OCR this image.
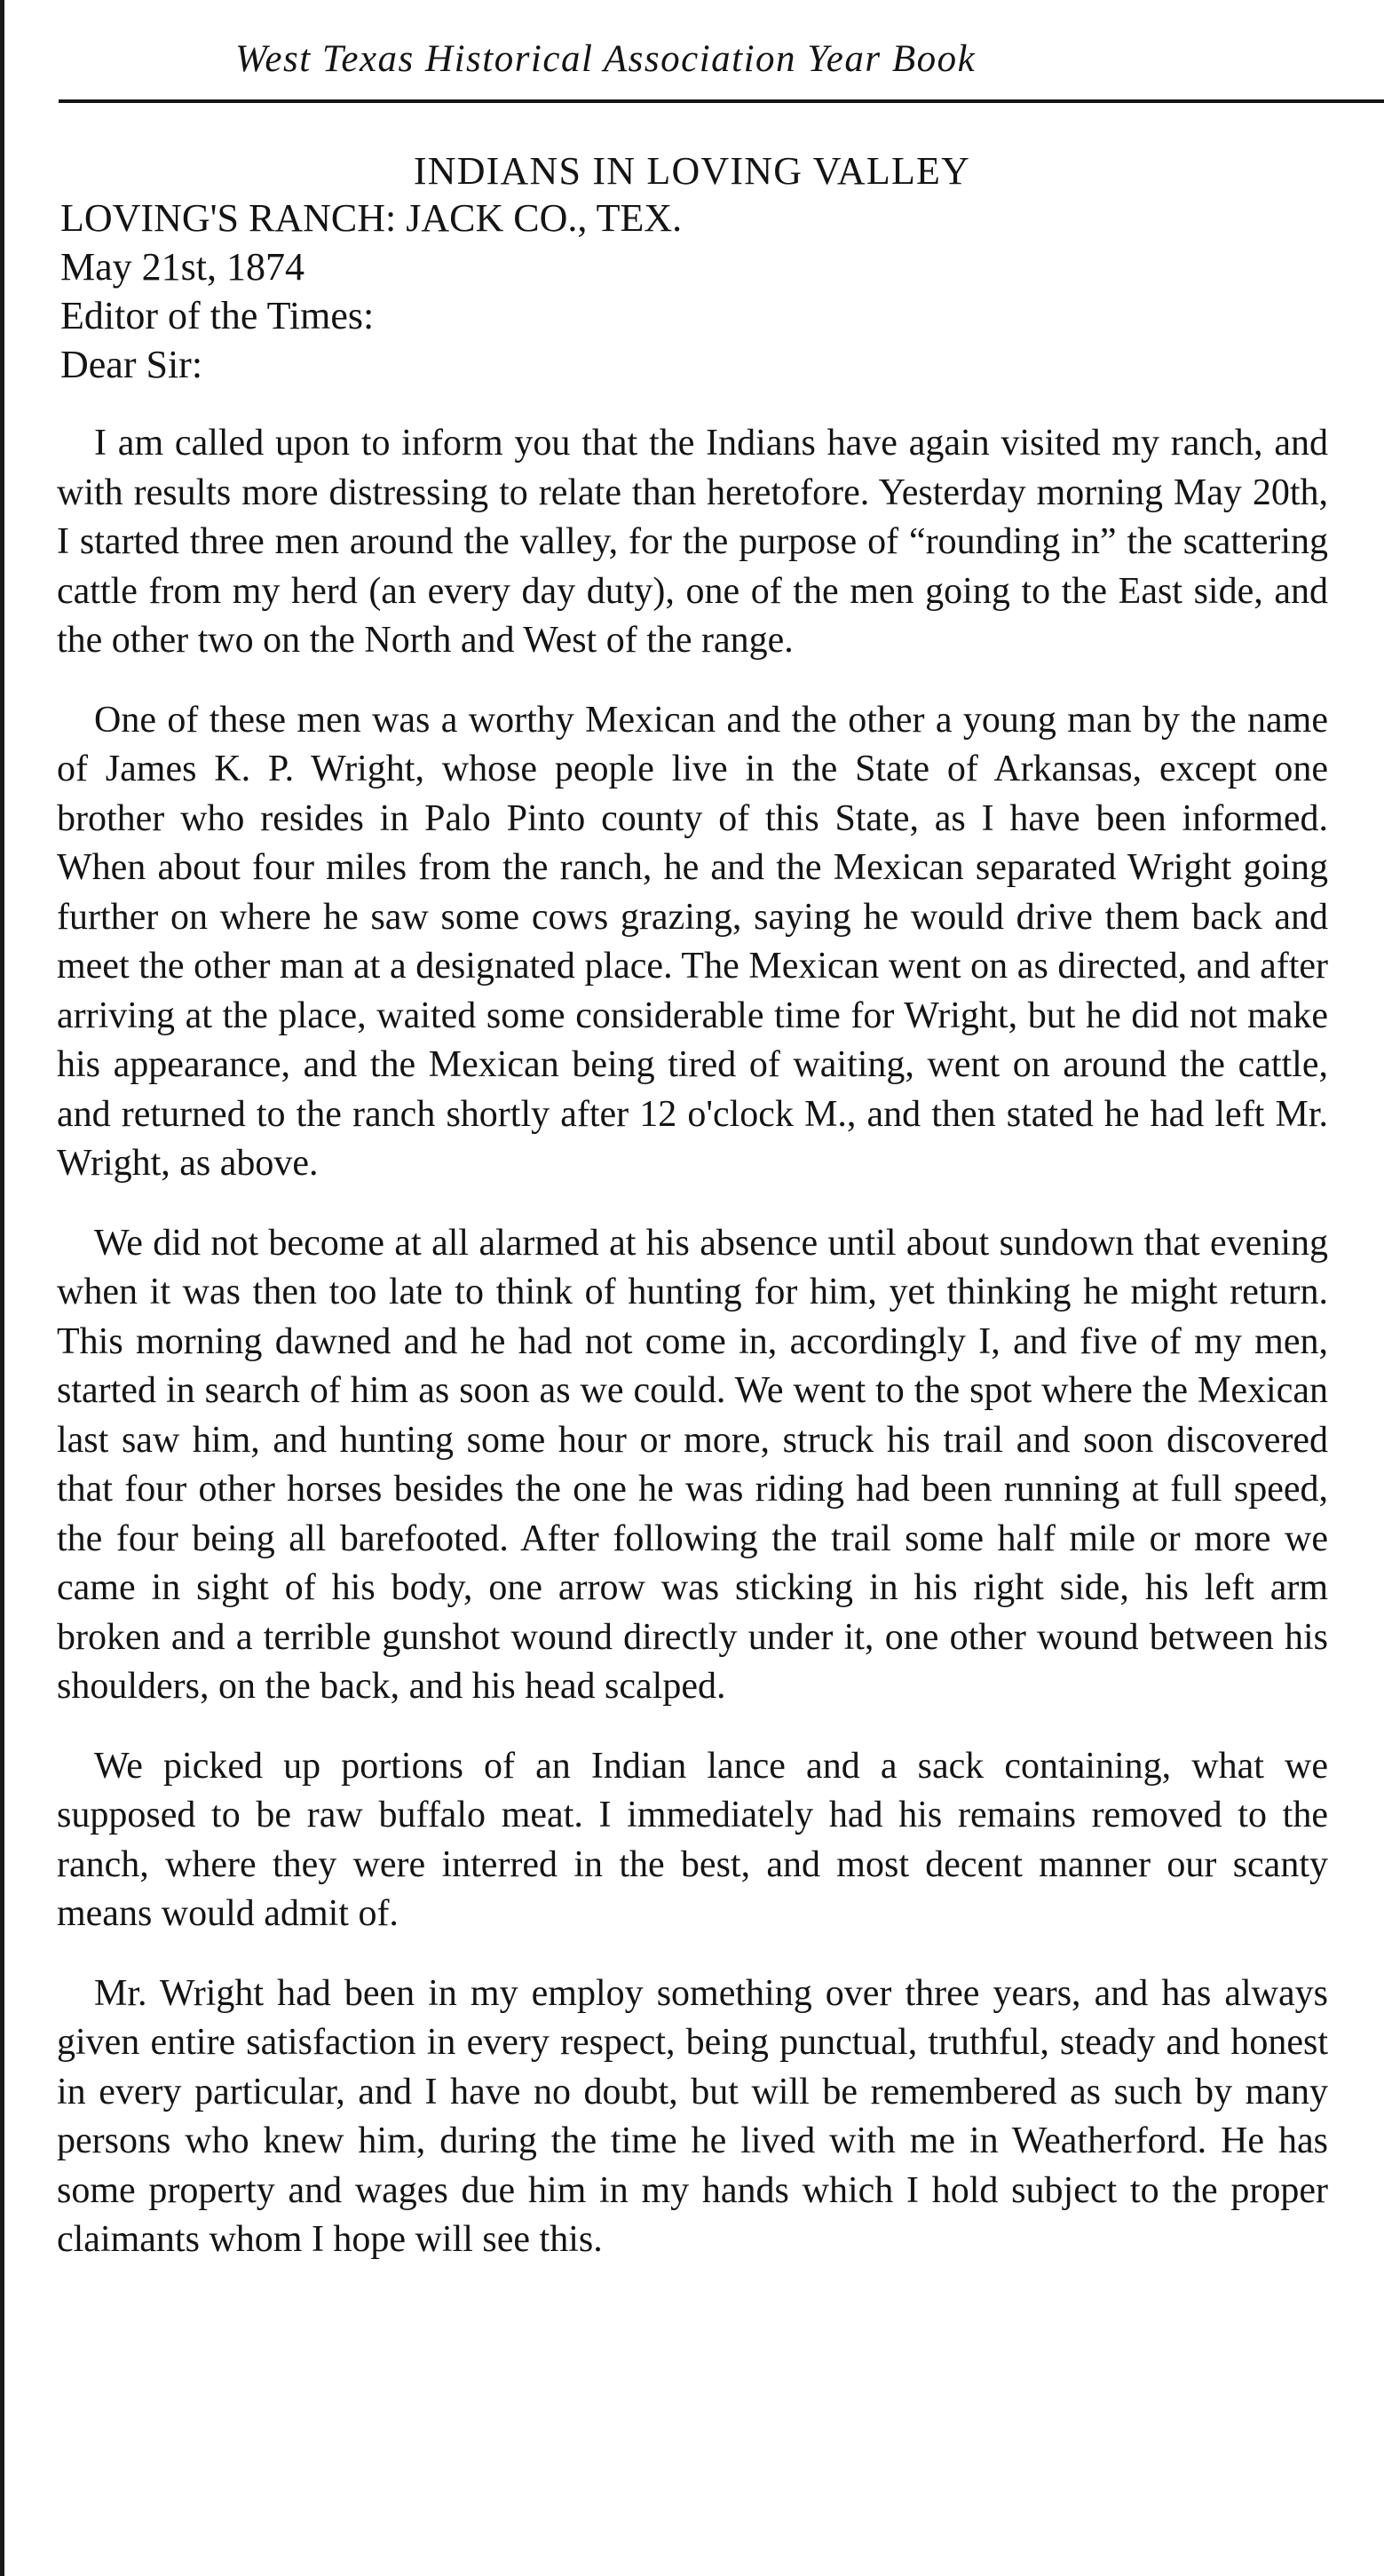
West Texas Historical Association Year Book
INDIANS IN LOVING VALLEY
LOVING'S RANCH: JACK CO., TEX.
May 21st, 1874
Editor of the Times:
Dear Sir:

I am called upon to inform you that the Indians have again visited my ranch, and with results more distressing to relate than heretofore. Yesterday morning May 20th, I started three men around the valley, for the purpose of “rounding in” the scattering cattle from my herd (an every day duty), one of the men going to the East side, and the other two on the North and West of the range.

One of these men was a worthy Mexican and the other a young man by the name of James K. P. Wright, whose people live in the State of Arkansas, except one brother who resides in Palo Pinto county of this State, as I have been informed. When about four miles from the ranch, he and the Mexican separated Wright going further on where he saw some cows grazing, saying he would drive them back and meet the other man at a designated place. The Mexican went on as directed, and after arriving at the place, waited some considerable time for Wright, but he did not make his appearance, and the Mexican being tired of waiting, went on around the cattle, and returned to the ranch shortly after 12 o'clock M., and then stated he had left Mr. Wright, as above.

We did not become at all alarmed at his absence until about sundown that evening when it was then too late to think of hunting for him, yet thinking he might return. This morning dawned and he had not come in, accordingly I, and five of my men, started in search of him as soon as we could. We went to the spot where the Mexican last saw him, and hunting some hour or more, struck his trail and soon discovered that four other horses besides the one he was riding had been running at full speed, the four being all barefooted. After following the trail some half mile or more we came in sight of his body, one arrow was sticking in his right side, his left arm broken and a terrible gunshot wound directly under it, one other wound between his shoulders, on the back, and his head scalped.

We picked up portions of an Indian lance and a sack containing, what we supposed to be raw buffalo meat. I immediately had his remains removed to the ranch, where they were interred in the best, and most decent manner our scanty means would admit of.

Mr. Wright had been in my employ something over three years, and has always given entire satisfaction in every respect, being punctual, truthful, steady and honest in every particular, and I have no doubt, but will be remembered as such by many persons who knew him, during the time he lived with me in Weatherford. He has some property and wages due him in my hands which I hold subject to the proper claimants whom I hope will see this.
